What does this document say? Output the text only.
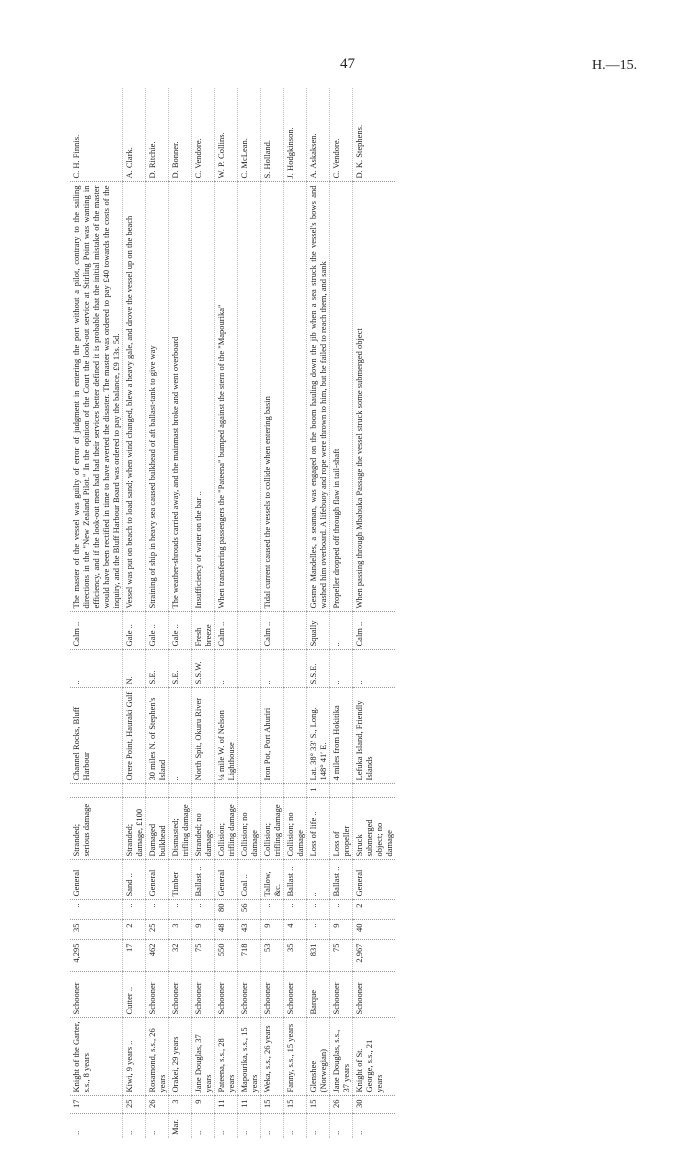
47	H.—15.
..	17	Knight of the Garter, s.s., 8 years	Schooner	4,295	35	..	General	Stranded; serious damage		Channel Rocks, Bluff Harbour	..	Calm ..	The master of the vessel was guilty of error of judgment in entering the port without a pilot, contrary to the sailing directions in the "New Zealand Pilot." In the opinion of the Court the look-out service at Stirling Point was wanting in efficiency, and if the look-out men had had their services better defined it is probable that the initial mistake of the master would have been rectified in time to have averted the disaster. The master was ordered to pay £40 towards the costs of the inquiry, and the Bluff Harbour Board was ordered to pay the balance, £9 13s. 5d.	C. H. Finnis.
..	25	Kiwi, 9 years ..	Cutter ..	17	2	..	Sand ..	Stranded; damage, £100		Orere Point, Hauraki Gulf	N.	Gale ..	Vessel was put on beach to load sand; when wind changed, blew a heavy gale, and drove the vessel up on the beach	A. Clark.
..	26	Rosamond, s.s., 26 years	Schooner	462	25	..	General	Damaged bulkhead		30 miles N. of Stephen's Island	S.E.	Gale ..	Straining of ship in heavy sea caused bulkhead of aft ballast-tank to give way	D. Ritchie.
Mar.	3	Orakei, 29 years	Schooner	32	3	..	Timber	Dismasted; trifling damage		..	S.E.	Gale ..	The weather-shrouds carried away, and the mainmast broke and went overboard	D. Bonner.
..	9	Jane Douglas, 37 years	Schooner	75	9	..	Ballast ..	Stranded; no damage		North Spit, Okuru River	S.S.W.	Fresh breeze	Insufficiency of water on the bar ..	C. Vendore.
..	11	Pateena, s.s., 28 years	Schooner	550	48	80	General	Collision; trifling damage		¼ mile W. of Nelson Lighthouse	..	Calm ..	When transferring passengers the "Pateena" bumped against the stern of the "Mapourika"	W. P. Collins.
..	11	Mapourika, s.s., 15 years	Schooner	718	43	56	Coal ..	Collision; no damage						C. McLean.
..	15	Weka, s.s., 26 years	Schooner	53	9	..	Tallow, &c.	Collision; trifling damage		Iron Pot, Port Ahuriri	..	Calm ..	Tidal current caused the vessels to collide when entering basin	S. Holland.
..	15	Fanny, s.s., 15 years	Schooner	35	4	..	Ballast ..	Collision; no damage						J. Hodgkinson.
..	15	Glenshee (Norwegian)	Barque	831	..	..	..	Loss of life ..	1	Lat. 38° 33′ S., Long. 148° 41′ E.	S.S.E.	Squally	Gesme Mandelles, a seaman, was engaged on the boom hauling down the jib when a sea struck the vessel's bows and washed him overboard. A lifebuoy and rope were thrown to him, but he failed to reach them, and sank	A. Askaksen.
..	26	Jane Douglas, s.s., 37 years	Schooner	75	9	..	Ballast ..	Loss of propeller		4 miles from Hokitika	..	..	Propeller dropped off through flaw in tail-shaft	C. Vendore.
..	30	Knight of St. George, s.s., 21 years	Schooner	2,967	40	2	General	Struck submerged object; no damage		Lefuka Island, Friendly Islands	..	Calm ..	When passing through Mbabuka Passage the vessel struck some submerged object	D. K. Stephens.
